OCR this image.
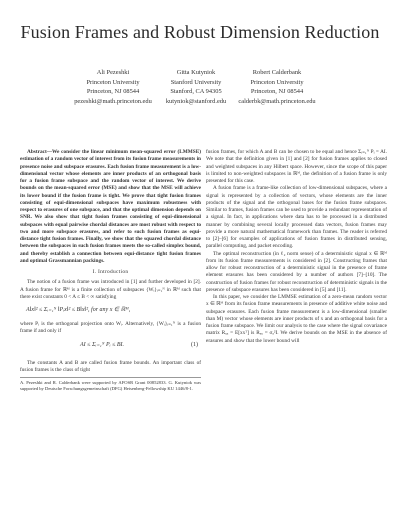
Fusion Frames and Robust Dimension Reduction
Ali Pezeshki
Princeton University
Princeton, NJ 08544
pezeshki@math.princeton.edu
Gitta Kutyniok
Stanford University
Stanford, CA 94305
kutyniok@stanford.edu
Robert Calderbank
Princeton University
Princeton, NJ 08544
calderbk@math.princeton.edu

Abstract—We consider the linear minimum mean-squared error (LMMSE) estimation of a random vector of interest from its fusion frame measurements in presence noise and subspace erasures. Each fusion frame measurement is a low-dimensional vector whose elements are inner products of an orthogonal basis for a fusion frame subspace and the random vector of interest. We derive bounds on the mean-squared error (MSE) and show that the MSE will achieve its lower bound if the fusion frame is tight. We prove that tight fusion frames consisting of equi-dimensional subspaces have maximum robustness with respect to erasures of one subspace, and that the optimal dimension depends on SNR. We also show that tight fusion frames consisting of equi-dimensional subspaces with equal pairwise chordal distances are most robust with respect to two and more subspace erasures, and refer to such fusion frames as equi-distance tight fusion frames. Finally, we show that the squared chordal distance between the subspaces in such fusion frames meets the so-called simplex bound, and thereby establish a connection between equi-distance tight fusion frames and optimal Grassmannian packings.

I. Introduction

The notion of a fusion frame was introduced in [1] and further developed in [2]. A fusion frame for ℝᴹ is a finite collection of subspaces {Wᵢ}ᵢ₌₁ᴺ in ℝᴹ such that there exist constants 0 < A ≤ B < ∞ satisfying

A‖x‖² ≤ Σᵢ₌₁ᴺ ‖Pᵢx‖² ≤ B‖x‖², for any x ∈ ℝᴹ,

where Pᵢ is the orthogonal projection onto Wᵢ. Alternatively, {Wᵢ}ᵢ₌₁ᴺ is a fusion frame if and only if

AI ≤ Σᵢ₌₁ᴺ Pᵢ ≤ BI.	(1)

The constants A and B are called fusion frame bounds. An important class of fusion frames is the class of tight

A. Pezeshki and R. Calderbank were supported by AFOSR Grant 00852833. G. Kutyniok was supported by Deutsche Forschungsgemeinschaft (DFG) Heisenberg-Fellowship KU 1446/8-1.

fusion frames, for which A and B can be chosen to be equal and hence Σᵢ₌₁ᴺ Pᵢ = AI. We note that the definition given in [1] and [2] for fusion frames applies to closed and weighted subspaces in any Hilbert space. However, since the scope of this paper is limited to non-weighted subspaces in ℝᴹ, the definition of a fusion frame is only presented for this case.

A fusion frame is a frame-like collection of low-dimensional subspaces, where a signal is represented by a collection of vectors, whose elements are the inner products of the signal and the orthogonal bases for the fusion frame subspaces. Similar to frames, fusion frames can be used to provide a redundant representation of a signal. In fact, in applications where data has to be processed in a distributed manner by combining several locally processed data vectors, fusion frames may provide a more natural mathematical framework than frames. The reader is referred to [2]–[6] for examples of applications of fusion frames in distributed sensing, parallel computing, and packet encoding.

The optimal reconstruction (in ℓ₂ norm sense) of a deterministic signal x ∈ ℝᴹ from its fusion frame measurements is considered in [2]. Constructing frames that allow for robust reconstruction of a deterministic signal in the presence of frame element erasures has been considered by a number of authors [7]–[10]. The construction of fusion frames for robust reconstruction of deterministic signals in the presence of subspace erasures has been considered in [5] and [11].

In this paper, we consider the LMMSE estimation of a zero-mean random vector x ∈ ℝᴹ from its fusion frame measurements in presence of additive white noise and subspace erasures. Each fusion frame measurement is a low-dimensional (smaller than M) vector whose elements are inner products of x and an orthogonal basis for a fusion frame subspace. We limit our analysis to the case where the signal covariance matrix Rₓₓ = E[xxᵀ] is Rₓₓ = σₓ²I. We derive bounds on the MSE in the absence of erasures and show that the lower bound will
